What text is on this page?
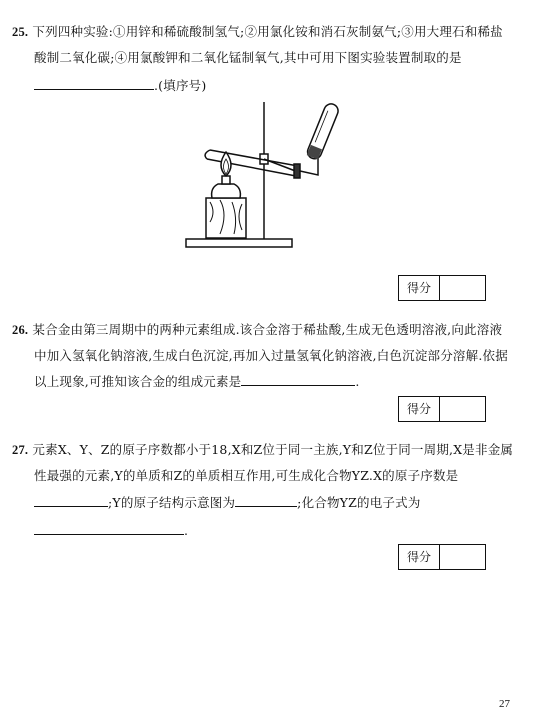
25. 下列四种实验:①用锌和稀硫酸制氢气;②用氯化铵和消石灰制氨气;③用大理石和稀盐
酸制二氧化碳;④用氯酸钾和二氧化锰制氧气,其中可用下图实验装置制取的是
.(填序号)
得分
26. 某合金由第三周期中的两种元素组成.该合金溶于稀盐酸,生成无色透明溶液,向此溶液
中加入氢氧化钠溶液,生成白色沉淀,再加入过量氢氧化钠溶液,白色沉淀部分溶解.依据
以上现象,可推知该合金的组成元素是	.
得分
27. 元素X、Y、Z的原子序数都小于18,X和Z位于同一主族,Y和Z位于同一周期,X是非金属
性最强的元素,Y的单质和Z的单质相互作用,可生成化合物YZ.X的原子序数是
;Y的原子结构示意图为	;化合物YZ的电子式为
.
得分
27
